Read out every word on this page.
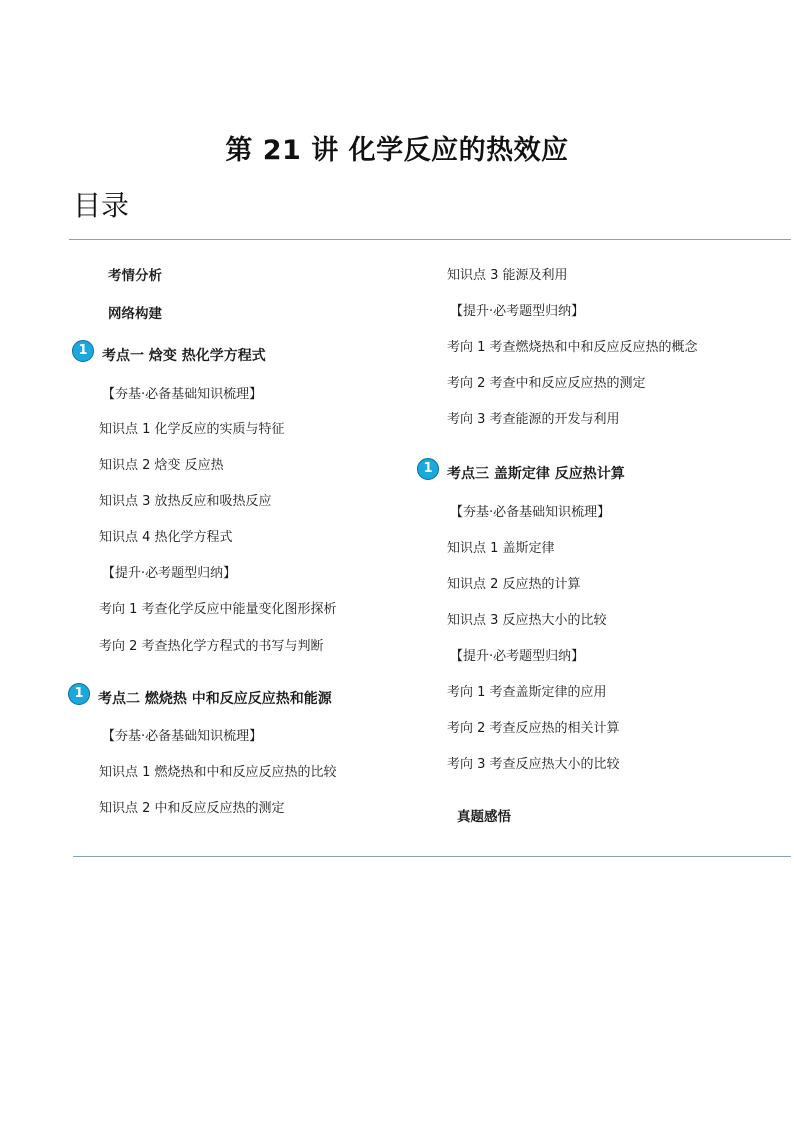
第 21 讲 化学反应的热效应
目录
考情分析
网络构建
1	考点一 焓变 热化学方程式
【夯基·必备基础知识梳理】
知识点 1 化学反应的实质与特征
知识点 2 焓变 反应热
知识点 3 放热反应和吸热反应
知识点 4 热化学方程式
【提升·必考题型归纳】
考向 1 考查化学反应中能量变化图形探析
考向 2 考查热化学方程式的书写与判断
1	考点二 燃烧热 中和反应反应热和能源
【夯基·必备基础知识梳理】
知识点 1 燃烧热和中和反应反应热的比较
知识点 2 中和反应反应热的测定
知识点 3 能源及利用
【提升·必考题型归纳】
考向 1 考查燃烧热和中和反应反应热的概念
考向 2 考查中和反应反应热的测定
考向 3 考查能源的开发与利用
1	考点三 盖斯定律 反应热计算
【夯基·必备基础知识梳理】
知识点 1 盖斯定律
知识点 2 反应热的计算
知识点 3 反应热大小的比较
【提升·必考题型归纳】
考向 1 考查盖斯定律的应用
考向 2 考查反应热的相关计算
考向 3 考查反应热大小的比较
真题感悟
